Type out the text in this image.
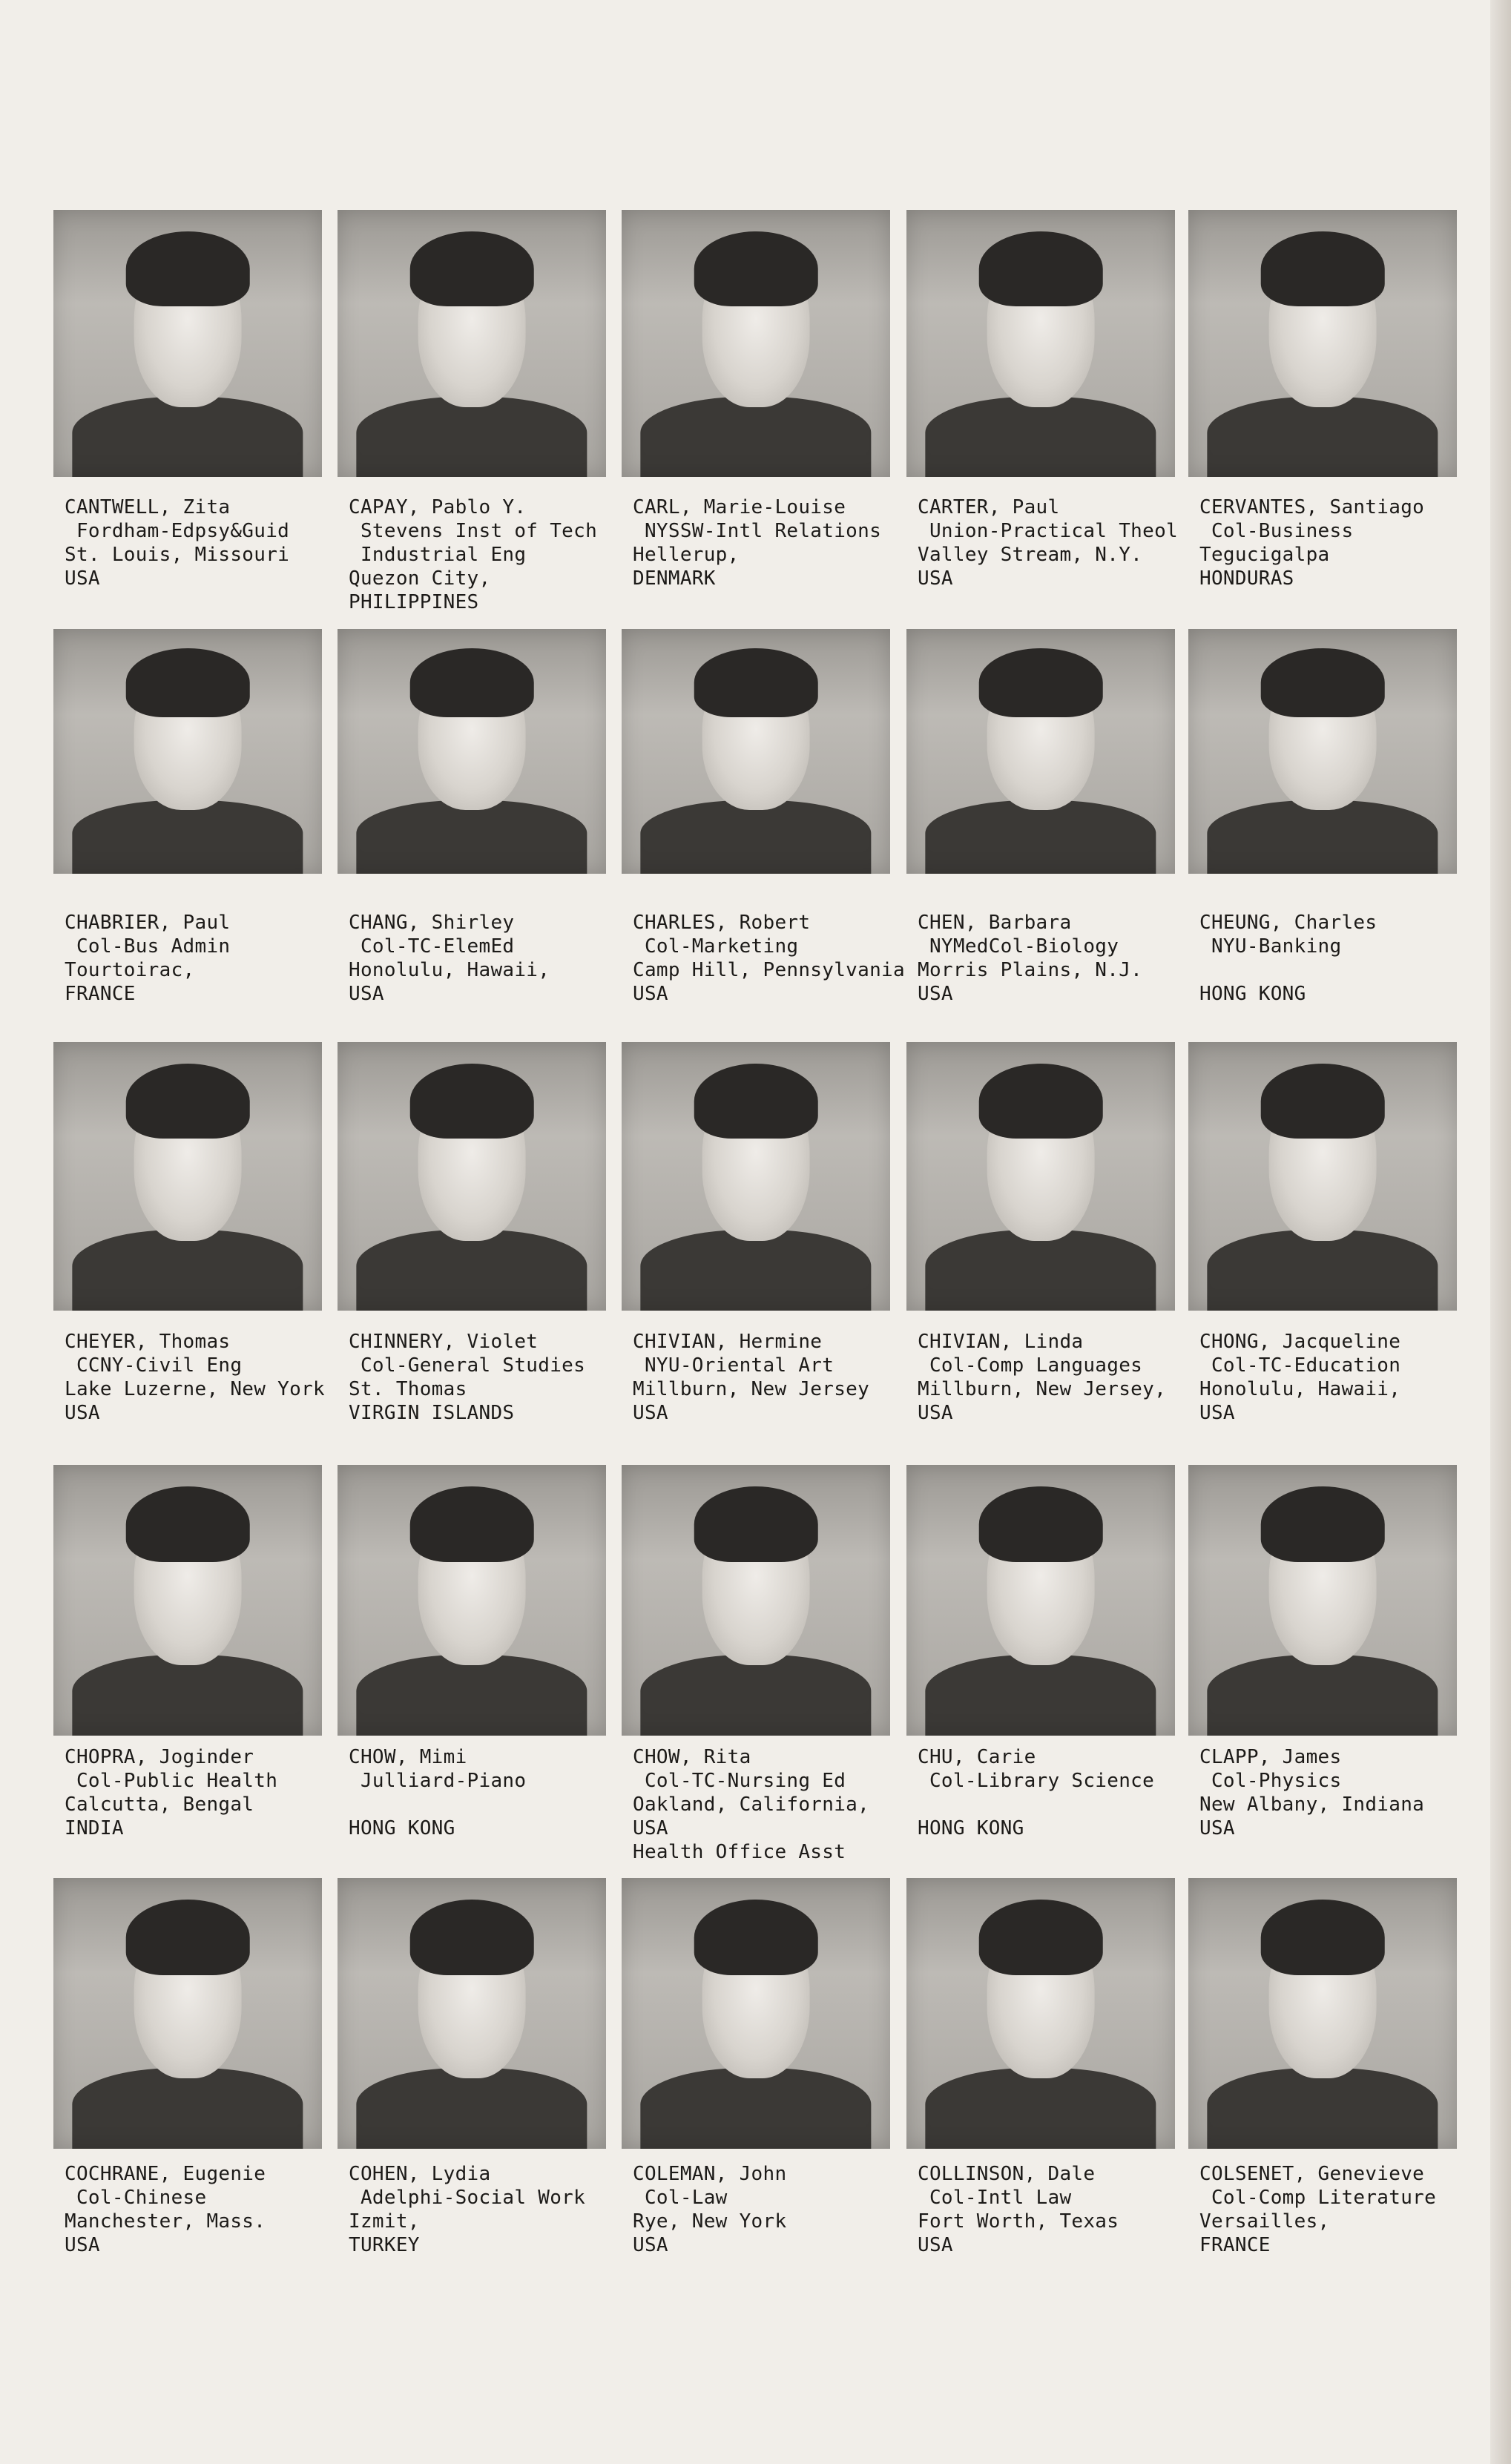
CANTWELL, Zita
Fordham-Edpsy&Guid
St. Louis, Missouri
USA
CAPAY, Pablo Y.
Stevens Inst of Tech
Industrial Eng
Quezon City,
PHILIPPINES
CARL, Marie-Louise
NYSSW-Intl Relations
Hellerup,
DENMARK
CARTER, Paul
Union-Practical Theol
Valley Stream, N.Y.
USA
CERVANTES, Santiago
Col-Business
Tegucigalpa
HONDURAS
CHABRIER, Paul
Col-Bus Admin
Tourtoirac,
FRANCE
CHANG, Shirley
Col-TC-ElemEd
Honolulu, Hawaii,
USA
CHARLES, Robert
Col-Marketing
Camp Hill, Pennsylvania
USA
CHEN, Barbara
NYMedCol-Biology
Morris Plains, N.J.
USA
CHEUNG, Charles
NYU-Banking
HONG KONG
CHEYER, Thomas
CCNY-Civil Eng
Lake Luzerne, New York
USA
CHINNERY, Violet
Col-General Studies
St. Thomas
VIRGIN ISLANDS
CHIVIAN, Hermine
NYU-Oriental Art
Millburn, New Jersey
USA
CHIVIAN, Linda
Col-Comp Languages
Millburn, New Jersey,
USA
CHONG, Jacqueline
Col-TC-Education
Honolulu, Hawaii,
USA
CHOPRA, Joginder
Col-Public Health
Calcutta, Bengal
INDIA
CHOW, Mimi
Julliard-Piano
HONG KONG
CHOW, Rita
Col-TC-Nursing Ed
Oakland, California,
USA
Health Office Asst
CHU, Carie
Col-Library Science
HONG KONG
CLAPP, James
Col-Physics
New Albany, Indiana
USA
COCHRANE, Eugenie
Col-Chinese
Manchester, Mass.
USA
COHEN, Lydia
Adelphi-Social Work
Izmit,
TURKEY
COLEMAN, John
Col-Law
Rye, New York
USA
COLLINSON, Dale
Col-Intl Law
Fort Worth, Texas
USA
COLSENET, Genevieve
Col-Comp Literature
Versailles,
FRANCE
